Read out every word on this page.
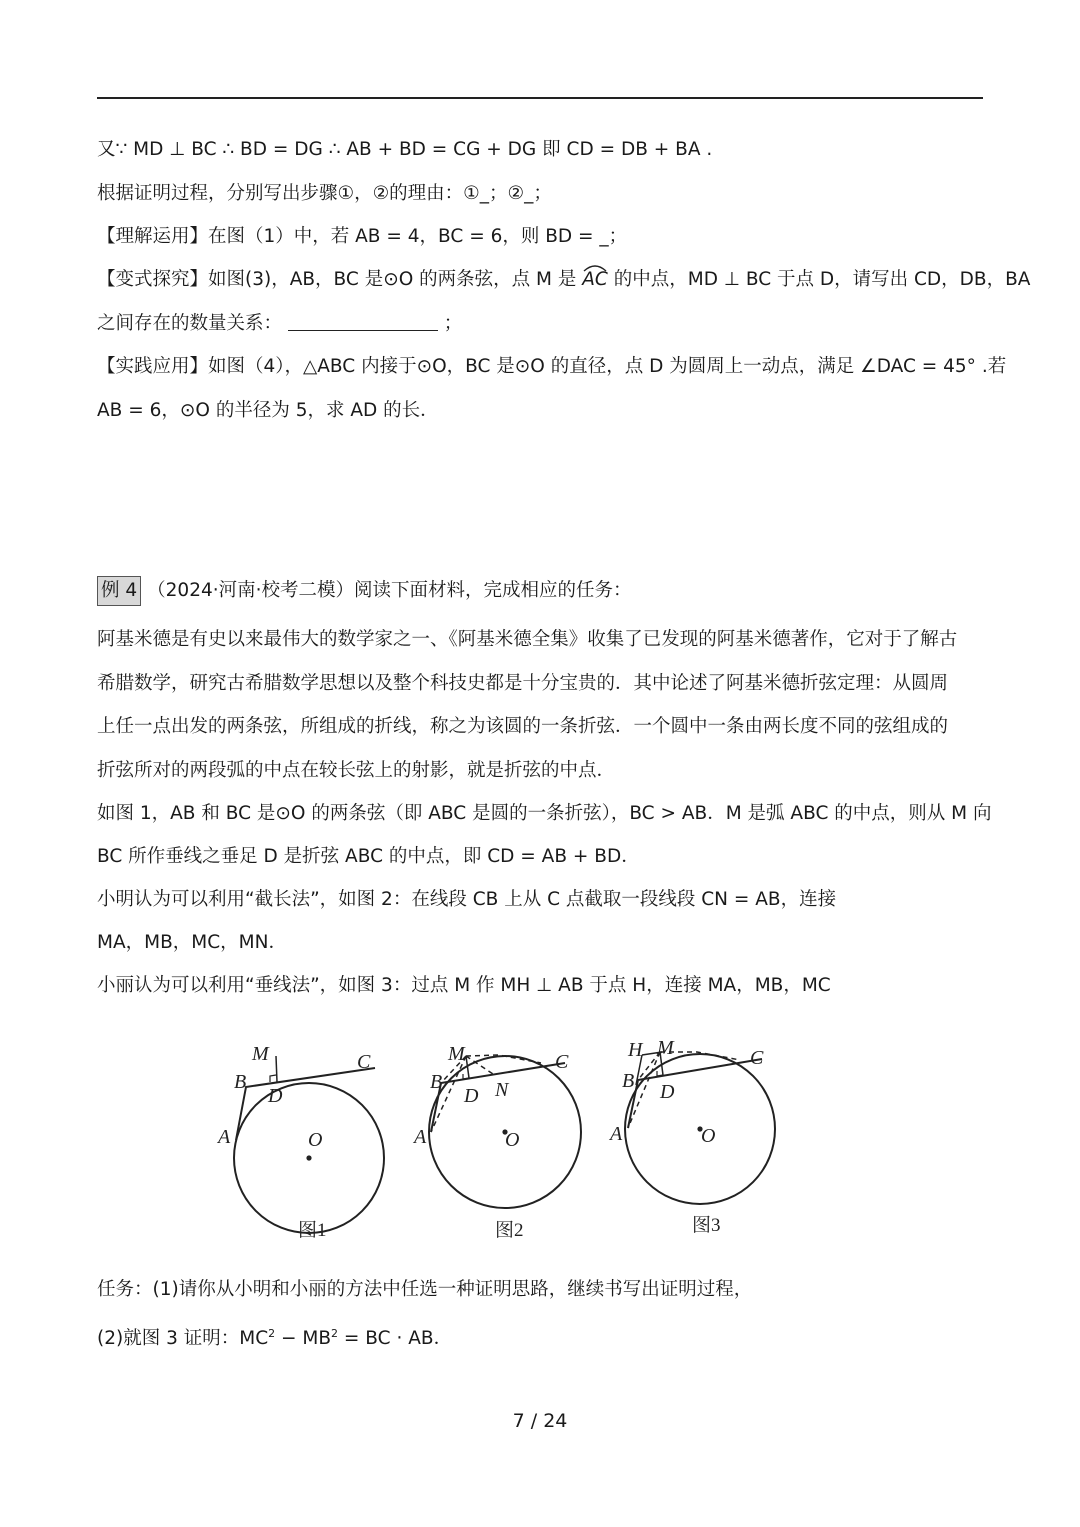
又∵ MD ⊥ BC ∴ BD = DG ∴ AB + BD = CG + DG 即 CD = DB + BA .
根据证明过程，分别写出步骤①，②的理由：①_；②_；
【理解运用】在图（1）中，若 AB = 4，BC = 6，则 BD = _；
【变式探究】如图(3)，AB，BC 是⊙O 的两条弦，点 M 是 AC 的中点，MD ⊥ BC 于点 D，请写出 CD，DB，BA
之间存在的数量关系：	；
【实践应用】如图（4），△ABC 内接于⊙O，BC 是⊙O 的直径，点 D 为圆周上一动点，满足 ∠DAC = 45° .若
AB = 6，⊙O 的半径为 5，求 AD 的长．
例 4 （2024·河南·校考二模）阅读下面材料，完成相应的任务：
阿基米德是有史以来最伟大的数学家之一、《阿基米德全集》收集了已发现的阿基米德著作，它对于了解古
希腊数学，研究古希腊数学思想以及整个科技史都是十分宝贵的．其中论述了阿基米德折弦定理：从圆周
上任一点出发的两条弦，所组成的折线，称之为该圆的一条折弦．一个圆中一条由两长度不同的弦组成的
折弦所对的两段弧的中点在较长弦上的射影，就是折弦的中点．
如图 1，AB 和 BC 是⊙O 的两条弦（即 ABC 是圆的一条折弦），BC > AB．M 是弧 ABC 的中点，则从 M 向
BC 所作垂线之垂足 D 是折弦 ABC 的中点，即 CD = AB + BD．
小明认为可以利用“截长法”，如图 2：在线段 CB 上从 C 点截取一段线段 CN = AB，连接
MA，MB，MC，MN．
小丽认为可以利用“垂线法”，如图 3：过点 M 作 MH ⊥ AB 于点 H，连接 MA，MB，MC
M	C
B
D
A	O
图1
M	C
B
D N
A	O
图2
H M	C
B D
A	O
图3
任务：(1)请你从小明和小丽的方法中任选一种证明思路，继续书写出证明过程，
(2)就图 3 证明：$MC^2 - MB^2$ = BC · AB．
7 / 24
